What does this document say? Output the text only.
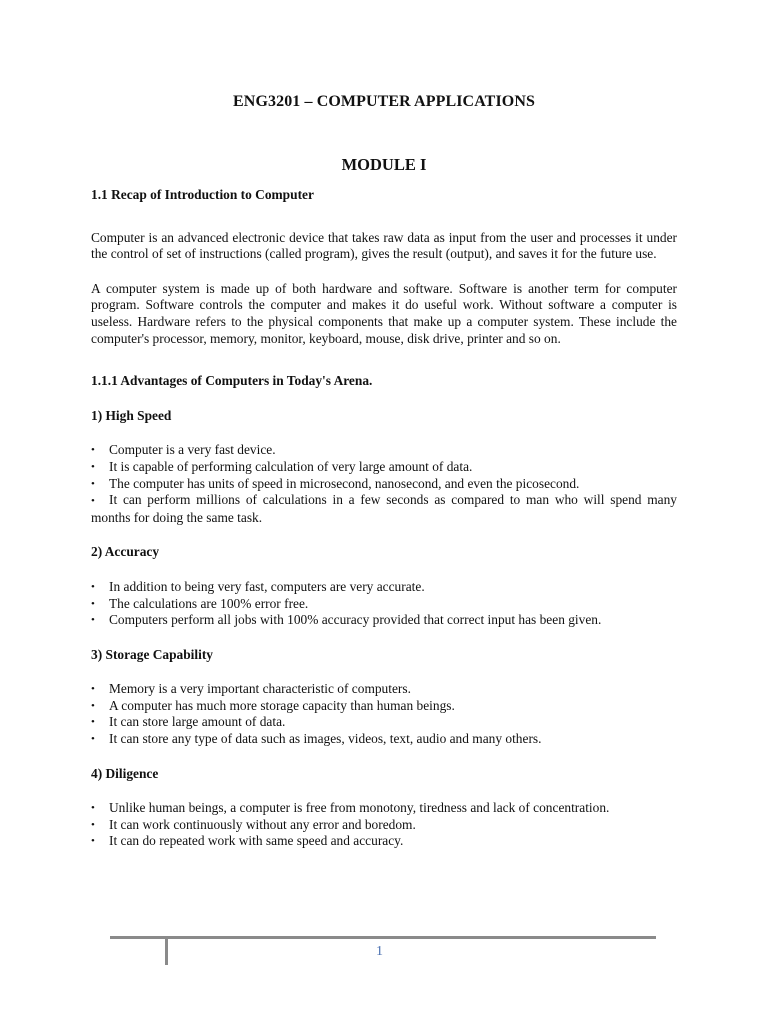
ENG3201 – COMPUTER APPLICATIONS
MODULE I

1.1 Recap of Introduction to Computer

Computer is an advanced electronic device that takes raw data as input from the user and processes it under the control of set of instructions (called program), gives the result (output), and saves it for the future use.

A computer system is made up of both hardware and software. Software is another term for computer program. Software controls the computer and makes it do useful work. Without software a computer is useless. Hardware refers to the physical components that make up a computer system. These include the computer's processor, memory, monitor, keyboard, mouse, disk drive, printer and so on.

1.1.1 Advantages of Computers in Today's Arena.

1) High Speed

• Computer is a very fast device.
• It is capable of performing calculation of very large amount of data.
• The computer has units of speed in microsecond, nanosecond, and even the picosecond.
• It can perform millions of calculations in a few seconds as compared to man who will spend many months for doing the same task.

2) Accuracy

• In addition to being very fast, computers are very accurate.
• The calculations are 100% error free.
• Computers perform all jobs with 100% accuracy provided that correct input has been given.

3) Storage Capability

• Memory is a very important characteristic of computers.
• A computer has much more storage capacity than human beings.
• It can store large amount of data.
• It can store any type of data such as images, videos, text, audio and many others.

4) Diligence

• Unlike human beings, a computer is free from monotony, tiredness and lack of concentration.
• It can work continuously without any error and boredom.
• It can do repeated work with same speed and accuracy.
1
